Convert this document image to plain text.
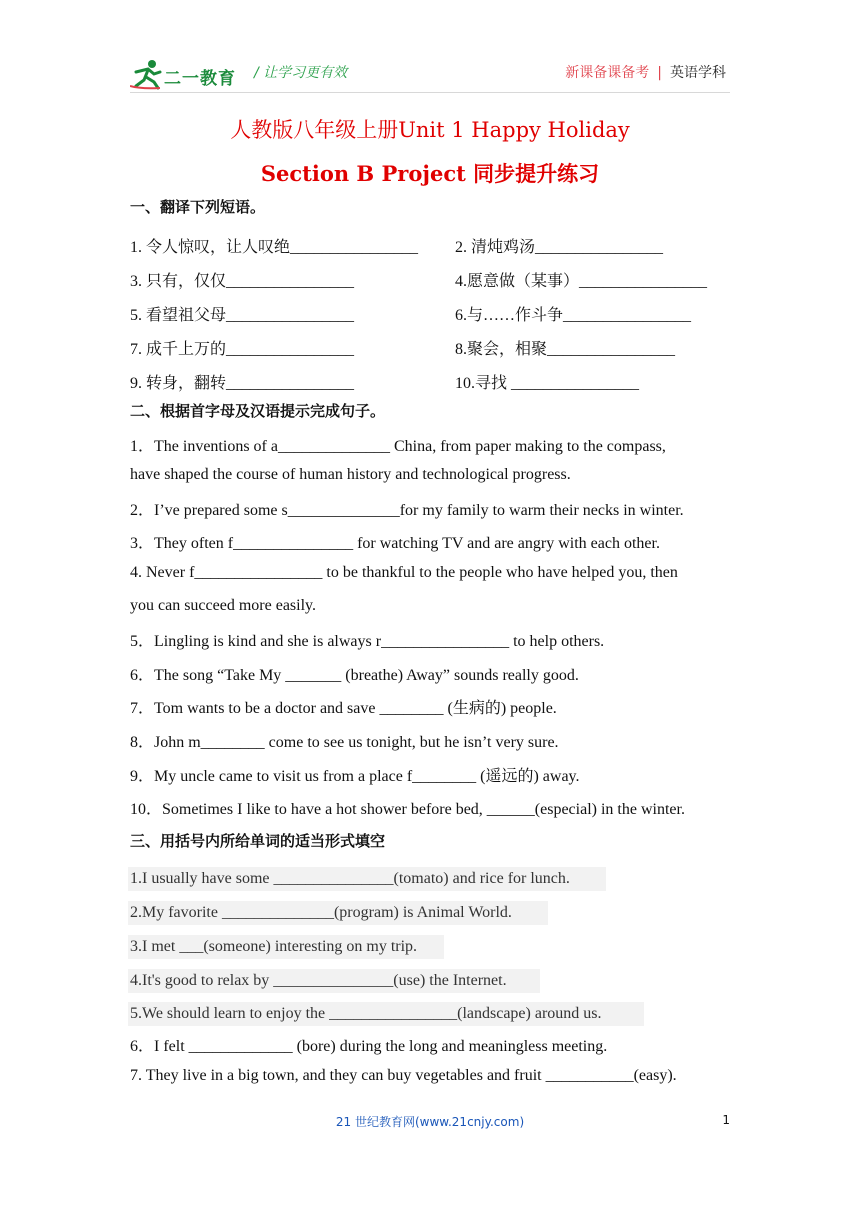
二一教育 / 让学习更有效	新课备课备考 | 英语学科
人教版八年级上册Unit 1 Happy Holiday
Section B Project 同步提升练习
一、翻译下列短语。
1. 令人惊叹，让人叹绝________________ 2. 清炖鸡汤________________
3. 只有，仅仅________________	4.愿意做（某事）________________
5. 看望祖父母________________	6.与……作斗争________________
7. 成千上万的________________	8.聚会，相聚________________
9. 转身，翻转________________	10.寻找 ________________
二、根据首字母及汉语提示完成句子。
1．The inventions of a______________ China, from paper making to the compass,
have shaped the course of human history and technological progress.
2．I’ve prepared some s______________for my family to warm their necks in winter.
3．They often f_______________ for watching TV and are angry with each other.
4. Never f________________ to be thankful to the people who have helped you, then
you can succeed more easily.
5．Lingling is kind and she is always r________________ to help others.
6．The song “Take My _______ (breathe) Away” sounds really good.
7．Tom wants to be a doctor and save ________ (生病的) people.
8．John m________ come to see us tonight, but he isn’t very sure.
9．My uncle came to visit us from a place f________ (遥远的) away.
10．Sometimes I like to have a hot shower before bed, ______(especial) in the winter.
三、用括号内所给单词的适当形式填空
1.I usually have some _______________(tomato) and rice for lunch.
2.My favorite ______________(program) is Animal World.
3.I met ___(someone) interesting on my trip.
4.It's good to relax by _______________(use) the Internet.
5.We should learn to enjoy the ________________(landscape) around us.
6．I felt _____________ (bore) during the long and meaningless meeting.
7. They live in a big town, and they can buy vegetables and fruit ___________(easy).
21 世纪教育网(www.21cnjy.com)	1
